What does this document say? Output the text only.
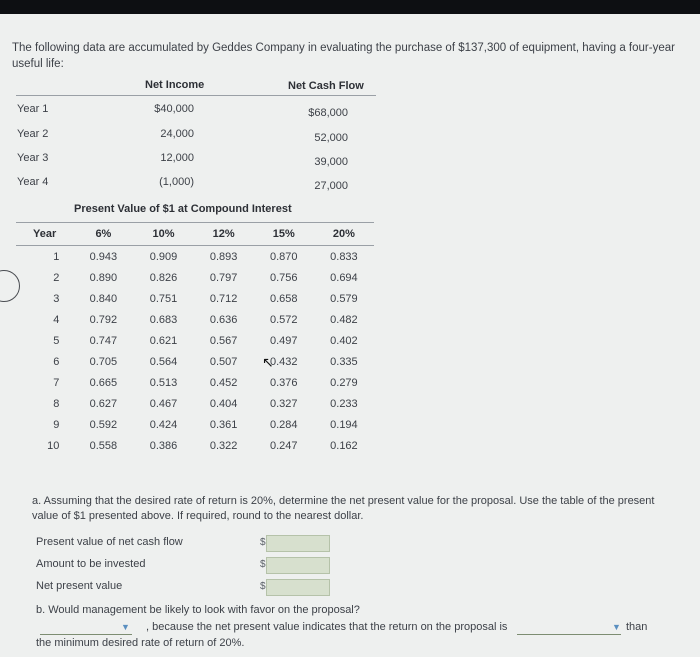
The following data are accumulated by Geddes Company in evaluating the purchase of $137,300 of equipment, having a four-year useful life:
Net Income	Net Cash Flow
Year 1	$40,000	$68,000
Year 2	24,000	52,000
Year 3	12,000	39,000
Year 4	(1,000)	27,000
Present Value of $1 at Compound Interest
Year	6%	10%	12%	15%	20%
1	0.943	0.909	0.893	0.870	0.833
2	0.890	0.826	0.797	0.756	0.694
3	0.840	0.751	0.712	0.658	0.579
4	0.792	0.683	0.636	0.572	0.482
5	0.747	0.621	0.567	0.497	0.402
6	0.705	0.564	0.507	0.432	0.335
7	0.665	0.513	0.452	0.376	0.279
8	0.627	0.467	0.404	0.327	0.233
9	0.592	0.424	0.361	0.284	0.194
10	0.558	0.386	0.322	0.247	0.162
↖
a. Assuming that the desired rate of return is 20%, determine the net present value for the proposal. Use the table of the present value of $1 presented above. If required, round to the nearest dollar.
Present value of net cash flow	$
Amount to be invested	$
Net present value	$
b. Would management be likely to look with favor on the proposal?
▼ , because the net present value indicates that the return on the proposal is	▼ than
the minimum desired rate of return of 20%.
